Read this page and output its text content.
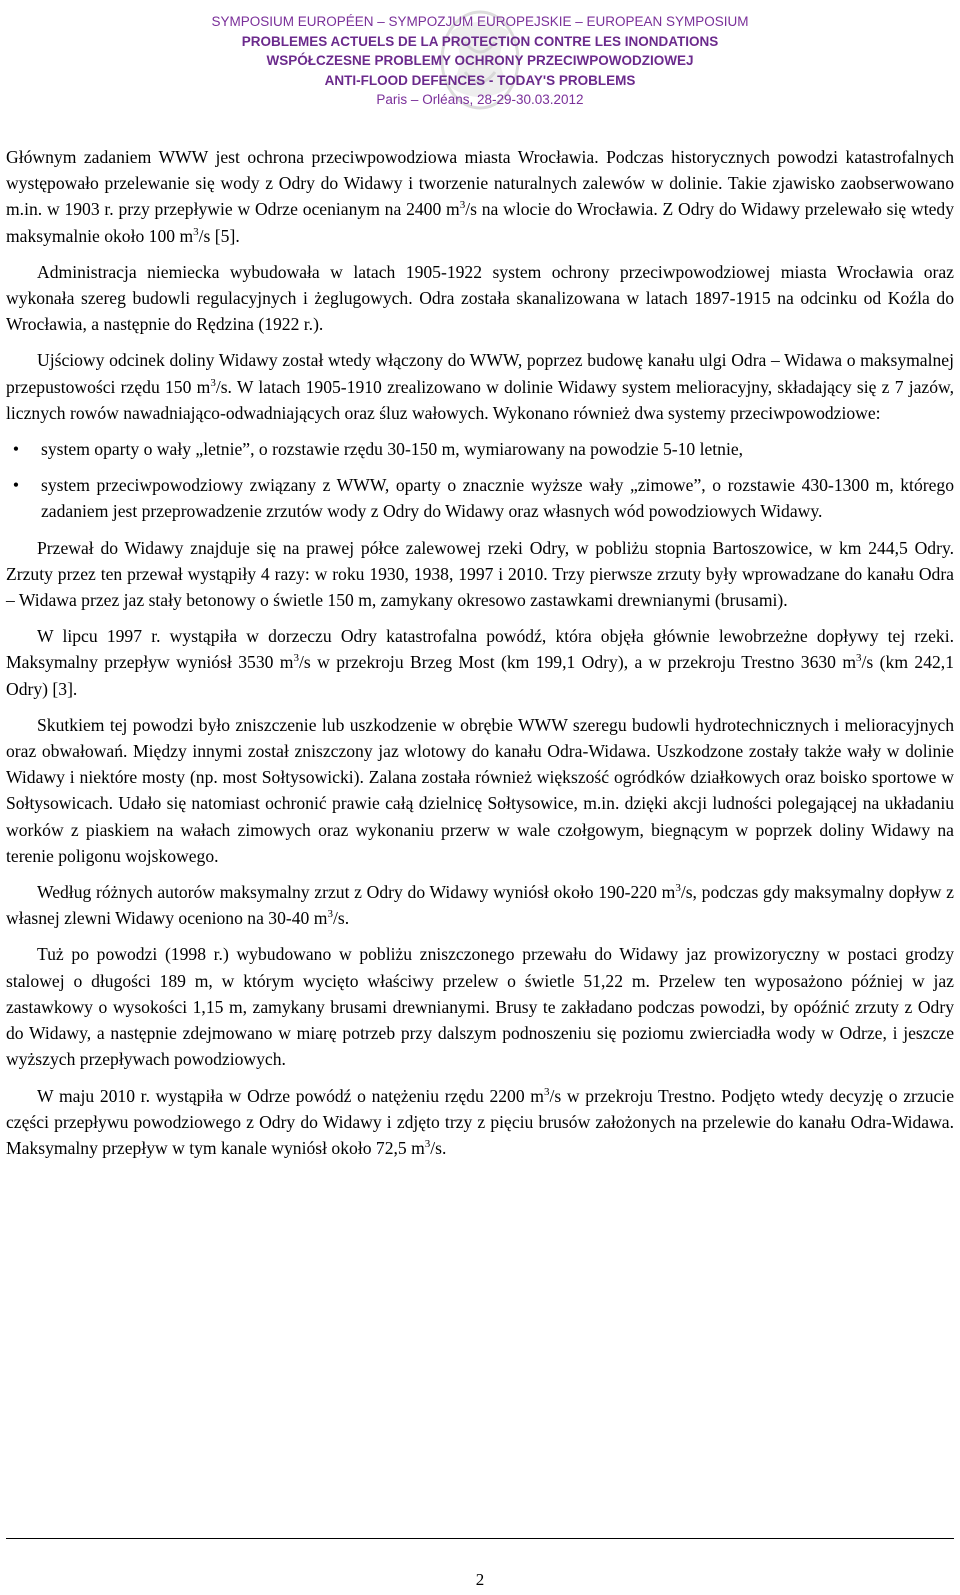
SYMPOSIUM EUROPÉEN – SYMPOZJUM EUROPEJSKIE – EUROPEAN SYMPOSIUM
PROBLEMES ACTUELS DE LA PROTECTION CONTRE LES INONDATIONS
WSPÓŁCZESNE PROBLEMY OCHRONY PRZECIWPOWODZIOWEJ
ANTI-FLOOD DEFENCES - TODAY'S PROBLEMS
Paris – Orléans, 28-29-30.03.2012

Głównym zadaniem WWW jest ochrona przeciwpowodziowa miasta Wrocławia. Podczas historycznych powodzi katastrofalnych występowało przelewanie się wody z Odry do Widawy i tworzenie naturalnych zalewów w dolinie. Takie zjawisko zaobserwowano m.in. w 1903 r. przy przepływie w Odrze ocenianym na 2400 $m^3/s$ na wlocie do Wrocławia. Z Odry do Widawy przelewało się wtedy maksymalnie około 100 $m^3/s$ [5].

Administracja niemiecka wybudowała w latach 1905-1922 system ochrony przeciwpowodziowej miasta Wrocławia oraz wykonała szereg budowli regulacyjnych i żeglugowych. Odra została skanalizowana w latach 1897-1915 na odcinku od Koźla do Wrocławia, a następnie do Rędzina (1922 r.).

Ujściowy odcinek doliny Widawy został wtedy włączony do WWW, poprzez budowę kanału ulgi Odra – Widawa o maksymalnej przepustowości rzędu 150 $m^3/s$. W latach 1905-1910 zrealizowano w dolinie Widawy system melioracyjny, składający się z 7 jazów, licznych rowów nawadniająco-odwadniających oraz śluz wałowych. Wykonano również dwa systemy przeciwpowodziowe:

•	system oparty o wały „letnie”, o rozstawie rzędu 30-150 m, wymiarowany na powodzie 5-10 letnie,
•	system przeciwpowodziowy związany z WWW, oparty o znacznie wyższe wały „zimowe”, o rozstawie 430-1300 m, którego zadaniem jest przeprowadzenie zrzutów wody z Odry do Widawy oraz własnych wód powodziowych Widawy.

Przewał do Widawy znajduje się na prawej półce zalewowej rzeki Odry, w pobliżu stopnia Bartoszowice, w km 244,5 Odry. Zrzuty przez ten przewał wystąpiły 4 razy: w roku 1930, 1938, 1997 i 2010. Trzy pierwsze zrzuty były wprowadzane do kanału Odra – Widawa przez jaz stały betonowy o świetle 150 m, zamykany okresowo zastawkami drewnianymi (brusami).

W lipcu 1997 r. wystąpiła w dorzeczu Odry katastrofalna powódź, która objęła głównie lewobrzeżne dopływy tej rzeki. Maksymalny przepływ wyniósł 3530 $m^3/s$ w przekroju Brzeg Most (km 199,1 Odry), a w przekroju Trestno 3630 $m^3/s$ (km 242,1 Odry) [3].

Skutkiem tej powodzi było zniszczenie lub uszkodzenie w obrębie WWW szeregu budowli hydrotechnicznych i melioracyjnych oraz obwałowań. Między innymi został zniszczony jaz wlotowy do kanału Odra-Widawa. Uszkodzone zostały także wały w dolinie Widawy i niektóre mosty (np. most Sołtysowicki). Zalana została również większość ogródków działkowych oraz boisko sportowe w Sołtysowicach. Udało się natomiast ochronić prawie całą dzielnicę Sołtysowice, m.in. dzięki akcji ludności polegającej na układaniu worków z piaskiem na wałach zimowych oraz wykonaniu przerw w wale czołgowym, biegnącym w poprzek doliny Widawy na terenie poligonu wojskowego.

Według różnych autorów maksymalny zrzut z Odry do Widawy wyniósł około 190-220 $m^3/s$, podczas gdy maksymalny dopływ z własnej zlewni Widawy oceniono na 30-40 $m^3/s$.

Tuż po powodzi (1998 r.) wybudowano w pobliżu zniszczonego przewału do Widawy jaz prowizoryczny w postaci grodzy stalowej o długości 189 m, w którym wycięto właściwy przelew o świetle 51,22 m. Przelew ten wyposażono później w jaz zastawkowy o wysokości 1,15 m, zamykany brusami drewnianymi. Brusy te zakładano podczas powodzi, by opóźnić zrzuty z Odry do Widawy, a następnie zdejmowano w miarę potrzeb przy dalszym podnoszeniu się poziomu zwierciadła wody w Odrze, i jeszcze wyższych przepływach powodziowych.

W maju 2010 r. wystąpiła w Odrze powódź o natężeniu rzędu 2200 $m^3/s$ w przekroju Trestno. Podjęto wtedy decyzję o zrzucie części przepływu powodziowego z Odry do Widawy i zdjęto trzy z pięciu brusów założonych na przelewie do kanału Odra-Widawa. Maksymalny przepływ w tym kanale wyniósł około 72,5 $m^3/s$.

2
